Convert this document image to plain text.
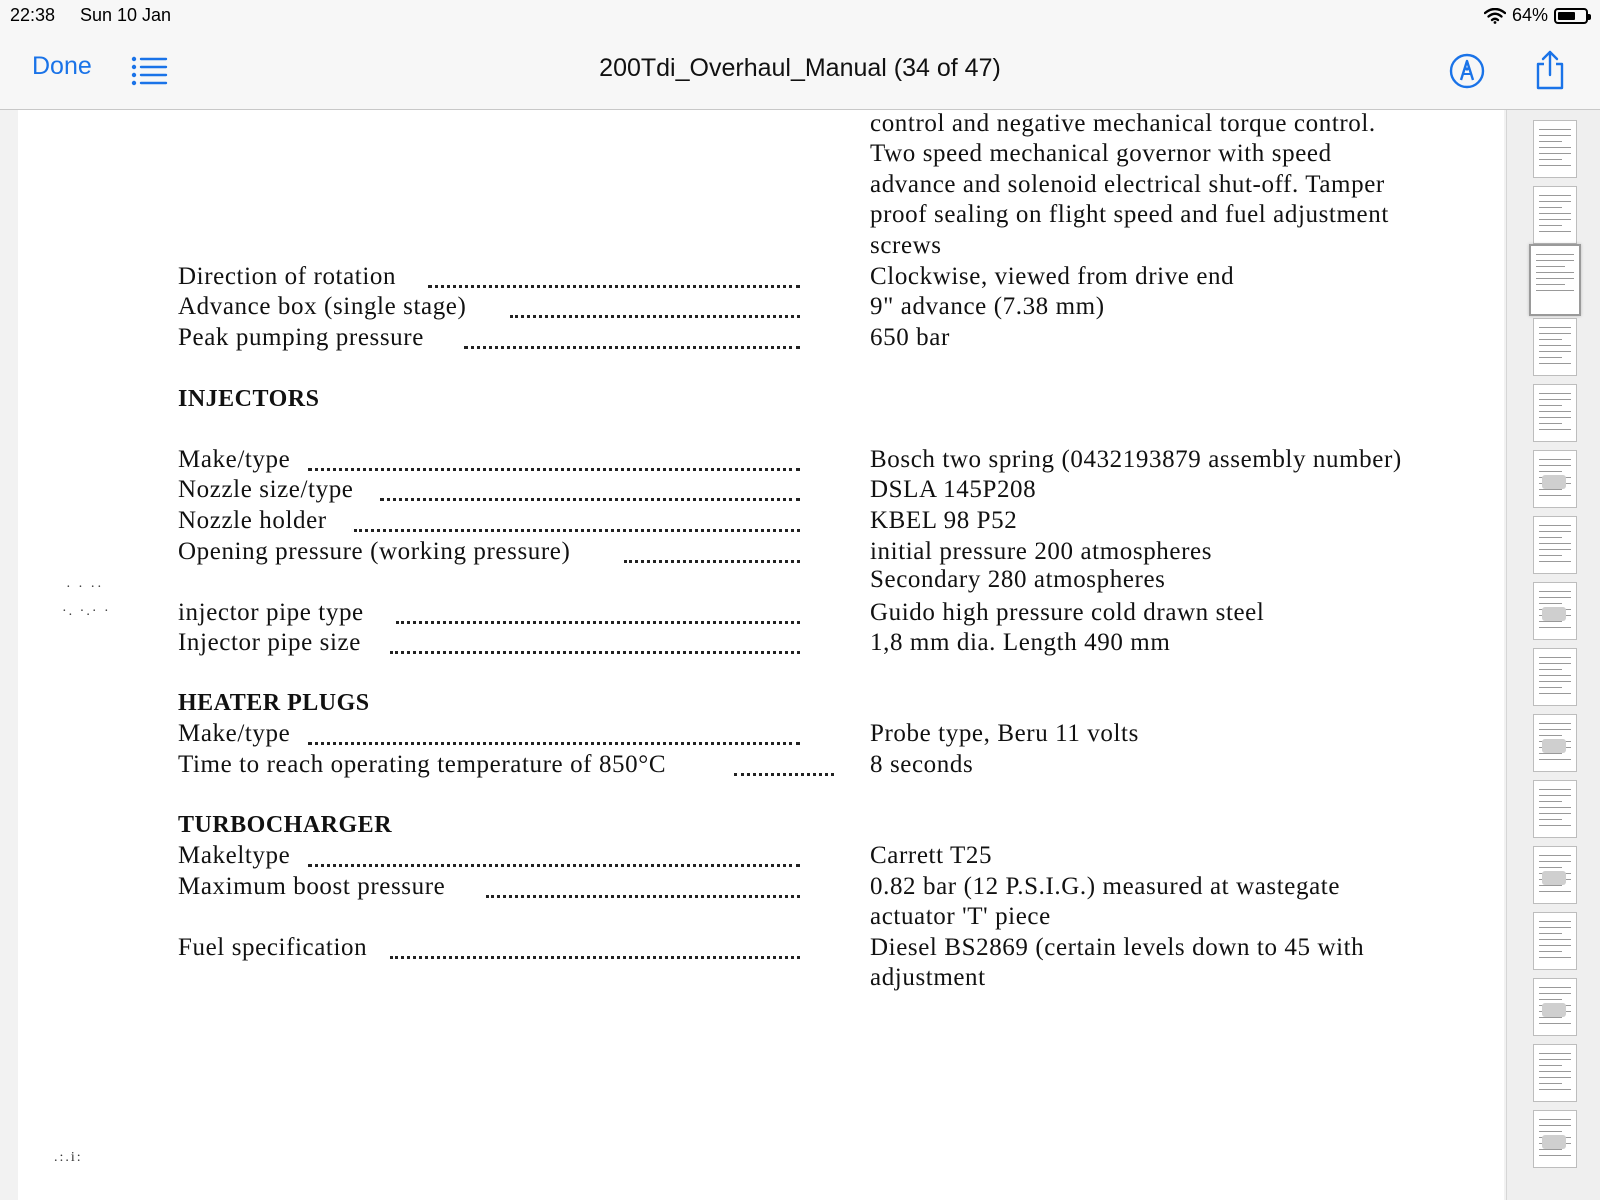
22:38 Sun 10 Jan	64%
Done	200Tdi_Overhaul_Manual (34 of 47)
· · ··
·. ·.· ·
.:.i:
control and negative mechanical torque control.
Two speed mechanical governor with speed
advance and solenoid electrical shut-off. Tamper
proof sealing on flight speed and fuel adjustment
screws
Direction of rotation	Clockwise, viewed from drive end
Advance box (single stage)	9" advance (7.38 mm)
Peak pumping pressure	650 bar
INJECTORS
Make/type	Bosch two spring (0432193879 assembly number)
Nozzle size/type	DSLA 145P208
Nozzle holder	KBEL 98 P52
Opening pressure (working pressure)	initial pressure 200 atmospheres
Secondary 280 atmospheres
injector pipe type	Guido high pressure cold drawn steel
Injector pipe size	1,8 mm dia. Length 490 mm
HEATER PLUGS
Make/type	Probe type, Beru 11 volts
Time to reach operating temperature of 850°C	8 seconds
TURBOCHARGER
Makeltype	Carrett T25
Maximum boost pressure	0.82 bar (12 P.S.I.G.) measured at wastegate
actuator 'T' piece
Fuel specification	Diesel BS2869 (certain levels down to 45 with
adjustment
